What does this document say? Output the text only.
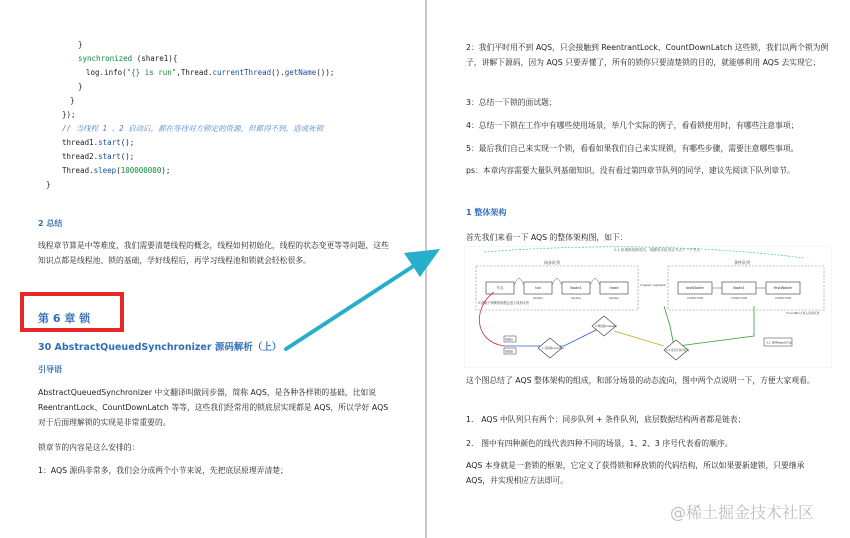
}
synchronized (share1){
log.info("{} is run",Thread.currentThread().getName());
}
}
});
// 当线程 1 、2 启动后，都在等待对方锁定的资源，但都得不到，造成死锁
thread1.start();
thread2.start();
Thread.sleep(100000000);
}
2 总结
线程章节算是中等难度，我们需要清楚线程的概念，线程如何初始化，线程的状态变更等等问题，这些知识点都是线程池、锁的基础，学好线程后，再学习线程池和锁就会轻松很多。
第 6 章 锁
30 AbstractQueuedSynchronizer 源码解析（上）
引导语
AbstractQueuedSynchronizer 中文翻译叫做同步器，简称 AQS，是各种各样锁的基础，比如说 ReentrantLock、CountDownLatch 等等，这些我们经常用的锁底层实现都是 AQS，所以学好 AQS 对于后面理解锁的实现是非常重要的。
锁章节的内容是这么安排的：
1：AQS 源码非常多，我们会分成两个小节来说，先把底层原理弄清楚；
2：我们平时用不到 AQS，只会接触到 ReentrantLock、CountDownLatch 这些锁，我们以两个锁为例子，讲解下源码，因为 AQS 只要弄懂了，所有的锁你只要清楚锁的目的，就能够利用 AQS 去实现它；
3：总结一下锁的面试题；
4：总结一下锁在工作中有哪些使用场景，举几个实际的例子，看看锁使用时，有哪些注意事项；
5：最后我们自己来实现一个锁，看看如果我们自己来实现锁，有哪些步骤，需要注意哪些事项。
ps：本章内容需要大量队列基础知识，没有看过第四章节队列的同学，建议先阅读下队列章节。
1 整体架构
首先我们来看一下 AQS 的整体架构图，如下：
2.1 如果释放锁成功，唤醒同步队列头节点下一个节点
同步队列
节点	tail
SIGNAL
Node1
SIGNAL
head
SIGNAL
条件队列
lastWaiter
CONDITION
Node1
CONDITION
firstWaiter
CONDITION
2.获取不到锁的线程会进入同步队列
线程A
线程B
1.获取锁(acquire)
2.释放锁(release)
3.2 是否有条件队列
3.1 调用await方法
3.signal / signalAll
3.condition 进入条件队列
这个图总结了 AQS 整体架构的组成，和部分场景的动态流向，图中两个点说明一下，方便大家观看。
1.　AQS 中队列只有两个：同步队列 + 条件队列，底层数据结构两者都是链表；
2.　图中有四种颜色的线代表四种不同的场景，1、2、3 序号代表看的顺序。
AQS 本身就是一套锁的框架，它定义了获得锁和释放锁的代码结构，所以如果要新建锁，只要继承 AQS，并实现相应方法即可。
@稀土掘金技术社区
